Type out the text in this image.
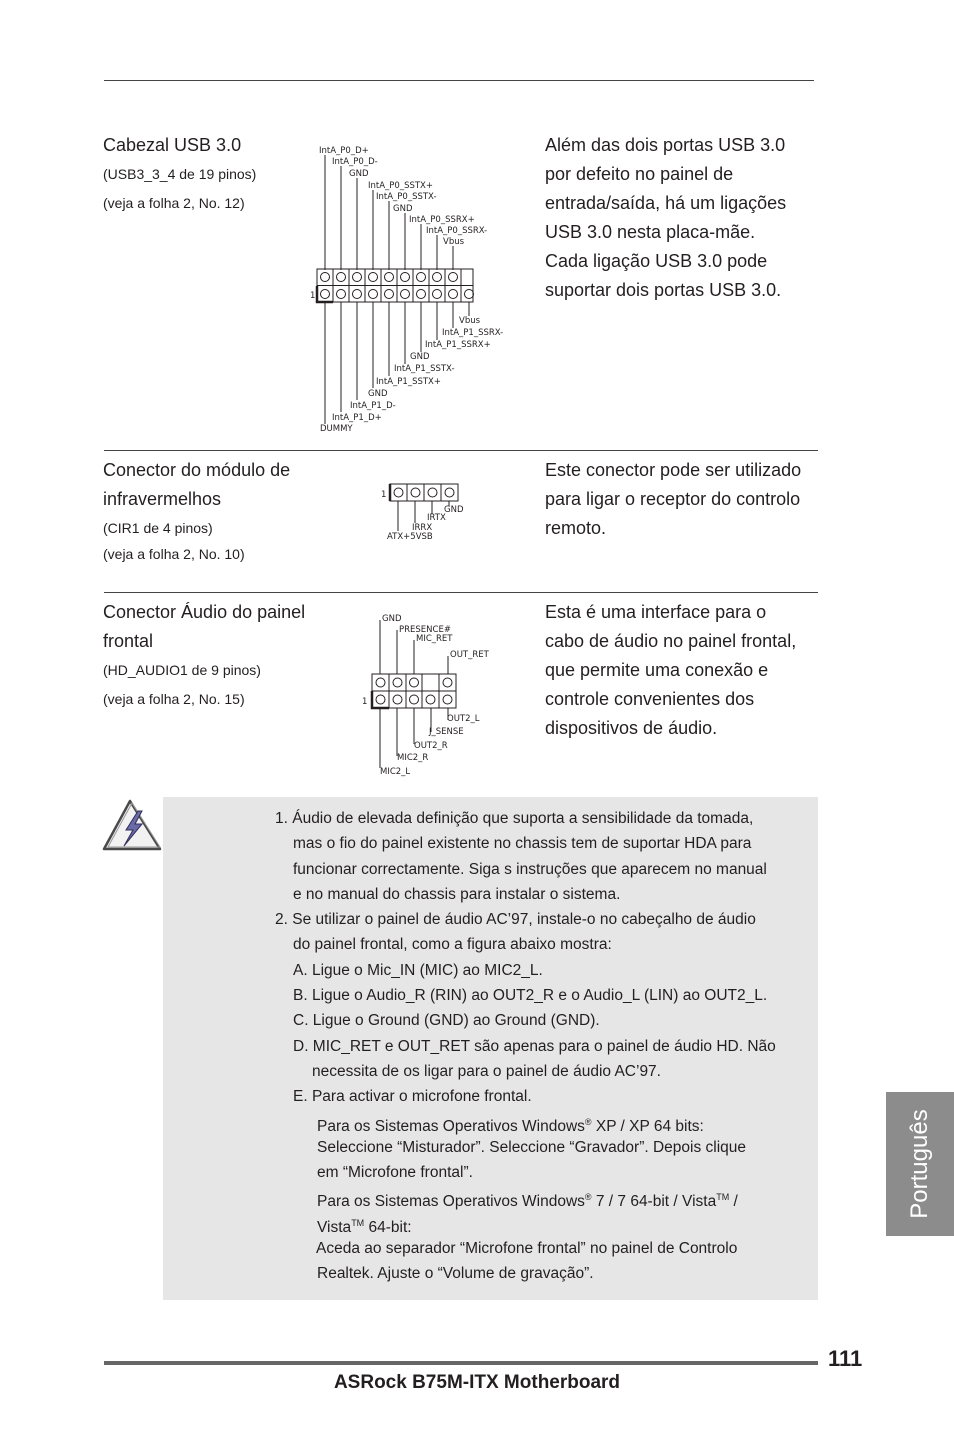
Cabezal USB 3.0
(USB3_3_4 de 19 pinos)
(veja a folha 2, No. 12)
Além das dois portas USB 3.0
por defeito no painel de
entrada/saída, há um ligações
USB 3.0 nesta placa-mãe.
Cada ligação USB 3.0 pode
suportar dois portas USB 3.0.
1
IntA_P0_D+
IntA_P0_D-
GND
IntA_P0_SSTX+
IntA_P0_SSTX-
GND
IntA_P0_SSRX+
IntA_P0_SSRX-
Vbus
Vbus
IntA_P1_SSRX-
IntA_P1_SSRX+
GND
IntA_P1_SSTX-
IntA_P1_SSTX+
GND
IntA_P1_D-
IntA_P1_D+
DUMMY
Conector do módulo de
infravermelhos
(CIR1 de 4 pinos)
(veja a folha 2, No. 10)
Este conector pode ser utilizado
para ligar o receptor do controlo
remoto.
1
GND
IRTX
IRRX
ATX+5VSB
Conector Áudio do painel
frontal
(HD_AUDIO1 de 9 pinos)
(veja a folha 2, No. 15)
Esta é uma interface para o
cabo de áudio no painel frontal,
que permite uma conexão e
controle convenientes dos
dispositivos de áudio.
1
GND
PRESENCE#
MIC_RET
OUT_RET
OUT2_L
J_SENSE
OUT2_R
MIC2_R
MIC2_L
1. Áudio de elevada definição que suporta a sensibilidade da tomada,
mas o fio do painel existente no chassis tem de suportar HDA para
funcionar correctamente. Siga s instruções que aparecem no manual
e no manual do chassis para instalar o sistema.
2. Se utilizar o painel de áudio AC’97, instale-o no cabeçalho de áudio
do painel frontal, como a figura abaixo mostra:
A. Ligue o Mic_IN (MIC) ao MIC2_L.
B. Ligue o Audio_R (RIN) ao OUT2_R e o Audio_L (LIN) ao OUT2_L.
C. Ligue o Ground (GND) ao Ground (GND).
D. MIC_RET e OUT_RET são apenas para o painel de áudio HD. Não
necessita de os ligar para o painel de áudio AC’97.
E. Para activar o microfone frontal.
Para os Sistemas Operativos Windows® XP / XP 64 bits:
Seleccione “Misturador”. Seleccione “Gravador”. Depois clique
em “Microfone frontal”.
Para os Sistemas Operativos Windows® 7 / 7 64-bit / Vista™ /
Vista™ 64-bit:
Aceda ao separador “Microfone frontal” no painel de Controlo
Realtek. Ajuste o “Volume de gravação”.
Português
111
ASRock B75M-ITX Motherboard
